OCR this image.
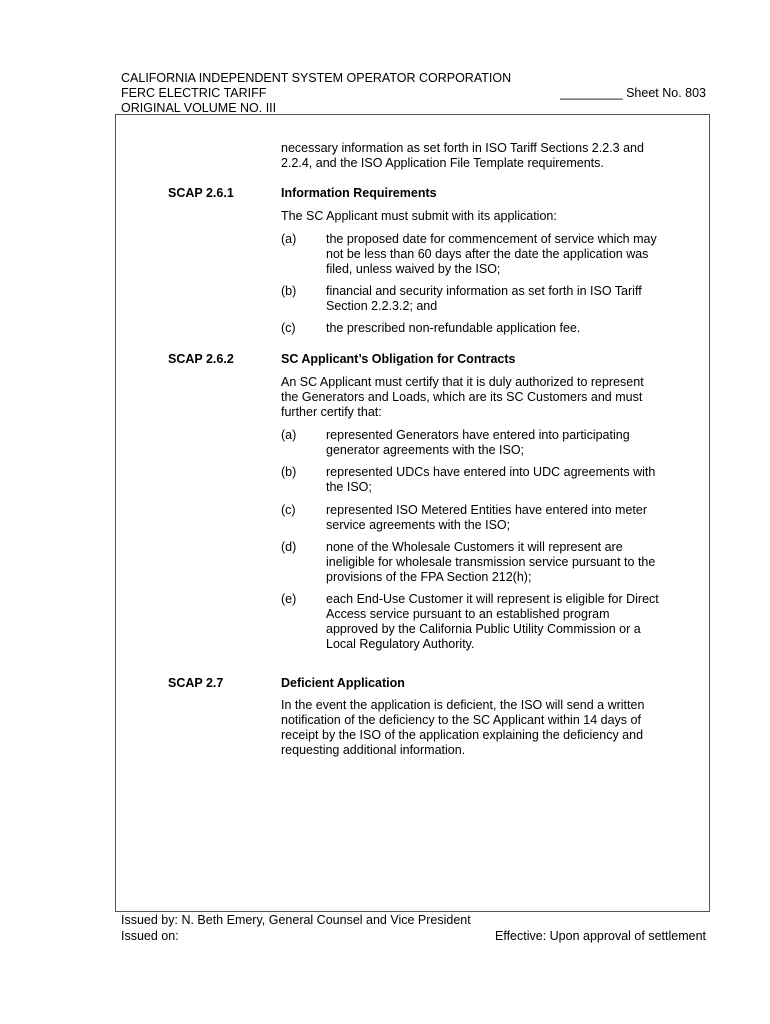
CALIFORNIA INDEPENDENT SYSTEM OPERATOR CORPORATION
FERC ELECTRIC TARIFF
ORIGINAL VOLUME NO. III
_________ Sheet No. 803
necessary information as set forth in ISO Tariff Sections 2.2.3 and 2.2.4, and the ISO Application File Template requirements.
SCAP 2.6.1	Information Requirements
The SC Applicant must submit with its application:
(a) the proposed date for commencement of service which may not be less than 60 days after the date the application was filed, unless waived by the ISO;
(b) financial and security information as set forth in ISO Tariff Section 2.2.3.2; and
(c) the prescribed non-refundable application fee.
SCAP 2.6.2	SC Applicant’s Obligation for Contracts
An SC Applicant must certify that it is duly authorized to represent the Generators and Loads, which are its SC Customers and must further certify that:
(a) represented Generators have entered into participating generator agreements with the ISO;
(b) represented UDCs have entered into UDC agreements with the ISO;
(c) represented ISO Metered Entities have entered into meter service agreements with the ISO;
(d) none of the Wholesale Customers it will represent are ineligible for wholesale transmission service pursuant to the provisions of the FPA Section 212(h);
(e) each End-Use Customer it will represent is eligible for Direct Access service pursuant to an established program approved by the California Public Utility Commission or a Local Regulatory Authority.
SCAP 2.7	Deficient Application
In the event the application is deficient, the ISO will send a written notification of the deficiency to the SC Applicant within 14 days of receipt by the ISO of the application explaining the deficiency and requesting additional information.
Issued by: N. Beth Emery, General Counsel and Vice President
Issued on:	Effective: Upon approval of settlement
